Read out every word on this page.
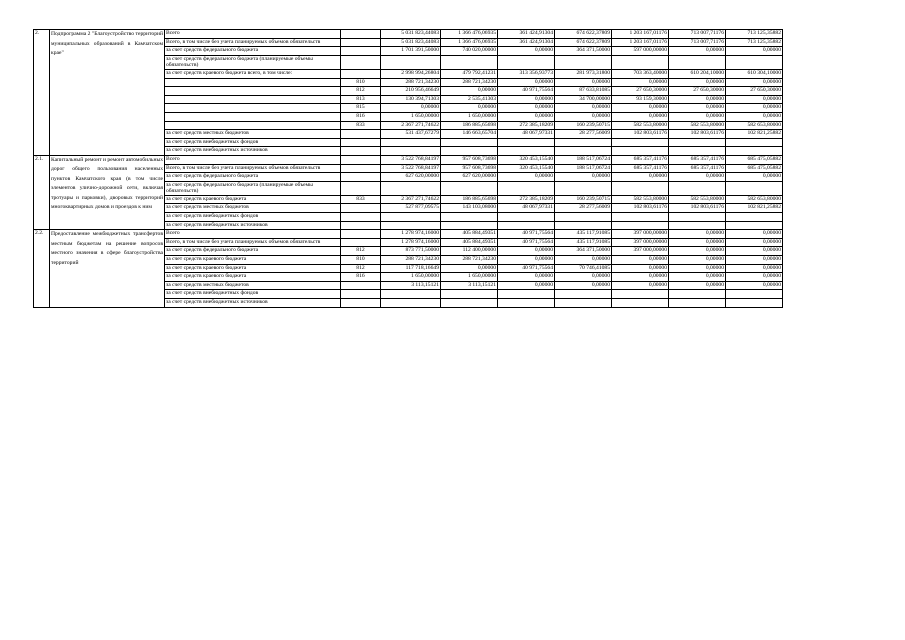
2.	Подпрограмма 2 "Благоустройство территорий муниципальных образований в Камчатском крае"	Всего		5 031 823,44083	1 366 476,06935	361 424,91304	674 622,37809	1 203 167,01176	713 007,71176	713 125,35882
		Всего, в том числе без учета планируемых объемов обязательств		5 031 823,44083	1 366 476,06935	361 424,91304	674 622,37809	1 203 167,01176	713 007,71176	713 125,35882
		за счет средств федерального бюджета		1 701 391,50000	740 020,00000	0,00000	364 371,50000	597 000,00000	0,00000	0,00000
		за счет средств федерального бюджета (планируемые объемы обязательств)								
		за счет средств краевого бюджета всего, в том числе:		2 998 994,26804	479 792,41231	313 356,93773	281 973,31800	703 363,40000	610 204,10000	610 304,10000
			810	288 721,34230	288 721,34230	0,00000	0,00000	0,00000	0,00000	0,00000
			812	210 956,46649	0,00000	40 971,75564	87 633,81085	27 650,30000	27 650,30000	27 650,30000
			813	130 394,71303	2 535,41303	0,00000	34 700,00000	93 159,30000	0,00000	0,00000
			815	0,00000	0,00000	0,00000	0,00000	0,00000	0,00000	0,00000
			816	1 650,00000	1 650,00000	0,00000	0,00000	0,00000	0,00000	0,00000
			833	2 367 271,74622	186 885,65698	272 385,18209	160 239,50715	582 553,80000	582 553,80000	582 653,80000
		за счет средств местных бюджетов		531 437,67279	146 663,65704	48 067,97331	28 277,56009	102 803,61176	102 803,61176	102 821,25882
		за счет средств внебюджетных фондов								
		за счет средств внебюджетных источников								
2.1.	Капитальный ремонт и ремонт автомобильных дорог общего пользования населенных пунктов Камчатского края (в том числе элементов улично-дорожной сети, включая тротуары и парковки), дворовых территорий многоквартирных домов и проездов к ним	Всего		3 522 768,84197	957 608,73698	320 453,15540	188 517,06724	685 357,41176	685 357,41176	685 475,05882
		Всего, в том числе без учета планируемых объемов обязательств		3 522 768,84197	957 608,73698	320 453,15540	188 517,06724	685 357,41176	685 357,41176	685 475,05882
		за счет средств федерального бюджета		627 620,00000	627 620,00000	0,00000	0,00000	0,00000	0,00000	0,00000
		за счет средств федерального бюджета (планируемые объемы обязательств)								
		за счет средств краевого бюджета	833	2 367 271,74622	186 885,65698	272 385,18209	160 239,50715	582 553,80000	582 553,80000	582 653,80000
		за счет средств местных бюджетов		527 877,09575	143 103,08000	48 067,97331	28 277,56009	102 803,61176	102 803,61176	102 821,25882
		за счет средств внебюджетных фондов								
		за счет средств внебюджетных источников								
2.2.	Предоставление межбюджетных трансфертов местным бюджетам на решение вопросов местного значения в сфере благоустройства территорий	Всего		1 278 974,16000	405 884,49351	40 971,75564	435 117,91085	397 000,00000	0,00000	0,00000
		Всего, в том числе без учета планируемых объемов обязательств		1 278 974,16000	405 884,49351	40 971,75564	435 117,91085	397 000,00000	0,00000	0,00000
		за счет средств федерального бюджета	812	873 771,50000	112 400,00000	0,00000	364 371,50000	397 000,00000	0,00000	0,00000
		за счет средств краевого бюджета	810	288 721,34230	288 721,34230	0,00000	0,00000	0,00000	0,00000	0,00000
		за счет средств краевого бюджета	812	117 718,16649	0,00000	40 971,75564	70 746,41085	0,00000	0,00000	0,00000
		за счет средств краевого бюджета	816	1 650,00000	1 650,00000	0,00000	0,00000	0,00000	0,00000	0,00000
		за счет средств местных бюджетов		3 113,15121	3 113,15121	0,00000	0,00000	0,00000	0,00000	0,00000
		за счет средств внебюджетных фондов								
		за счет средств внебюджетных источников								
